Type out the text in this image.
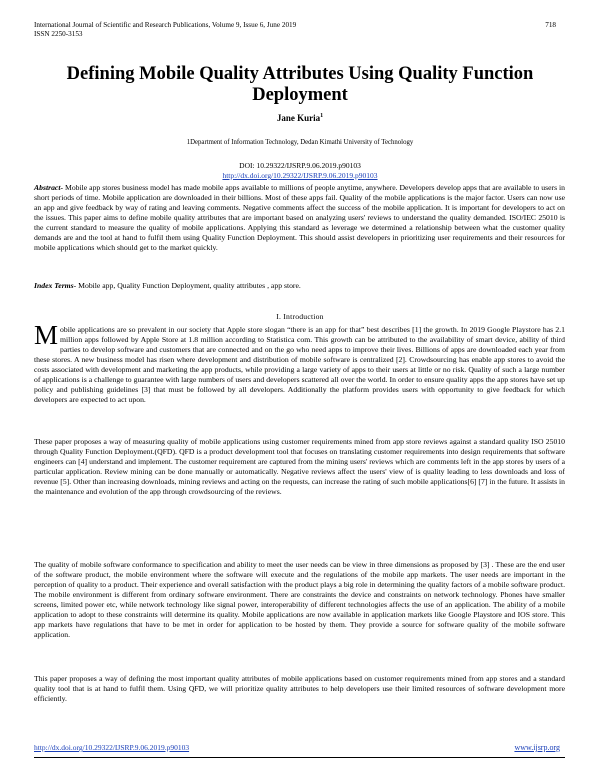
International Journal of Scientific and Research Publications, Volume 9, Issue 6, June 2019
ISSN 2250-3153
718
Defining Mobile Quality Attributes Using Quality Function Deployment
Jane Kuria$^1$
1Department of Information Technology, Dedan Kimathi University of Technology
DOI: 10.29322/IJSRP.9.06.2019.p90103
http://dx.doi.org/10.29322/IJSRP.9.06.2019.p90103
Abstract- Mobile app stores business model has made mobile apps available to millions of people anytime, anywhere. Developers develop apps that are available to users in short periods of time. Mobile application are downloaded in their billions. Most of these apps fail. Quality of the mobile applications is the major factor. Users can now use an app and give feedback by way of rating and leaving comments. Negative comments affect the success of the mobile application. It is important for developers to act on the issues. This paper aims to define mobile quality attributes that are important based on analyzing users' reviews to understand the quality demanded. ISO/IEC 25010 is the current standard to measure the quality of mobile applications. Applying this standard as leverage we determined a relationship between what the customer quality demands are and the tool at hand to fulfil them using Quality Function Deployment. This should assist developers in prioritizing user requirements and their resources for mobile applications which should get to the market quickly.
Index Terms- Mobile app, Quality Function Deployment, quality attributes , app store.
I. Introduction
Mobile applications are so prevalent in our society that Apple store slogan “there is an app for that” best describes [1] the growth. In 2019 Google Playstore has 2.1 million apps followed by Apple Store at 1.8 million according to Statistica com. This growth can be attributed to the availability of smart device, ability of third parties to develop software and customers that are connected and on the go who need apps to improve their lives. Billions of apps are downloaded each year from these stores. A new business model has risen where development and distribution of mobile software is centralized [2]. Crowdsourcing has enable app stores to avoid the costs associated with development and marketing the app products, while providing a large variety of apps to their users at little or no risk. Quality of such a large number of applications is a challenge to guarantee with large numbers of users and developers scattered all over the world. In order to ensure quality apps the app stores have set up policy and publishing guidelines [3] that must be followed by all developers. Additionally the platform provides users with opportunity to give feedback for which developers are expected to act upon.
These paper proposes a way of measuring quality of mobile applications using customer requirements mined from app store reviews against a standard quality ISO 25010 through Quality Function Deployment.(QFD). QFD is a product development tool that focuses on translating customer requirements into design requirements that software engineers can [4] understand and implement. The customer requirement are captured from the mining users' reviews which are comments left in the app stores by users of a particular application. Review mining can be done manually or automatically. Negative reviews affect the users' view of is quality leading to less downloads and loss of revenue [5]. Other than increasing downloads, mining reviews and acting on the requests, can increase the rating of such mobile applications[6] [7] in the future. It assists in the maintenance and evolution of the app through crowdsourcing of the reviews.
The quality of mobile software conformance to specification and ability to meet the user needs can be view in three dimensions as proposed by [3] . These are the end user of the software product, the mobile environment where the software will execute and the regulations of the mobile app markets. The user needs are important in the perception of quality to a product. Their experience and overall satisfaction with the product plays a big role in determining the quality factors of a mobile software product. The mobile environment is different from ordinary software environment. There are constraints the device and constraints on network technology. Phones have smaller screens, limited power etc, while network technology like signal power, interoperability of different technologies affects the use of an application. The ability of a mobile application to adopt to these constraints will determine its quality. Mobile applications are now available in application markets like Google Playstore and IOS store. This app markets have regulations that have to be met in order for application to be hosted by them. They provide a source for software quality of the mobile software application.
This paper proposes a way of defining the most important quality attributes of mobile applications based on customer requirements mined from app stores and a standard quality tool that is at hand to fulfil them. Using QFD, we will prioritize quality attributes to help developers use their limited resources of software development more efficiently.
http://dx.doi.org/10.29322/IJSRP.9.06.2019.p90103	www.ijsrp.org
